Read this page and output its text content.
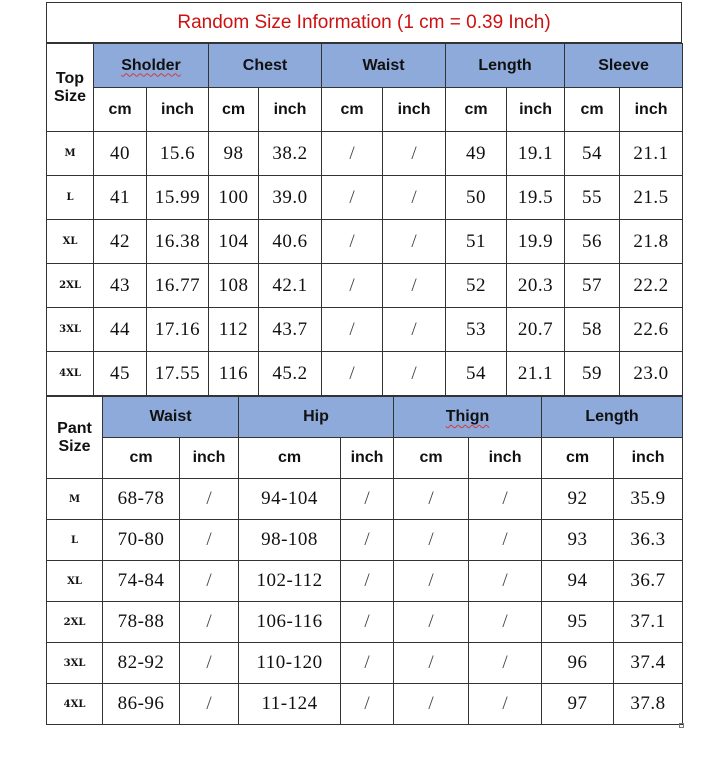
Random Size Information (1 cm = 0.39 Inch)
Top
Size	Sholder		Chest		Waist		Length		Sleeve	
	cm	inch	cm	inch	cm	inch	cm	inch	cm	inch
M	40	15.6	98	38.2	/	/	49	19.1	54	21.1
L	41	15.99	100	39.0	/	/	50	19.5	55	21.5
XL	42	16.38	104	40.6	/	/	51	19.9	56	21.8
2XL	43	16.77	108	42.1	/	/	52	20.3	57	22.2
3XL	44	17.16	112	43.7	/	/	53	20.7	58	22.6
4XL	45	17.55	116	45.2	/	/	54	21.1	59	23.0
Pant
Size	Waist		Hip		Thign		Length	
	cm	inch	cm	inch	cm	inch	cm	inch
M	68-78	/	94-104	/	/	/	92	35.9
L	70-80	/	98-108	/	/	/	93	36.3
XL	74-84	/	102-112	/	/	/	94	36.7
2XL	78-88	/	106-116	/	/	/	95	37.1
3XL	82-92	/	110-120	/	/	/	96	37.4
4XL	86-96	/	11-124	/	/	/	97	37.8
